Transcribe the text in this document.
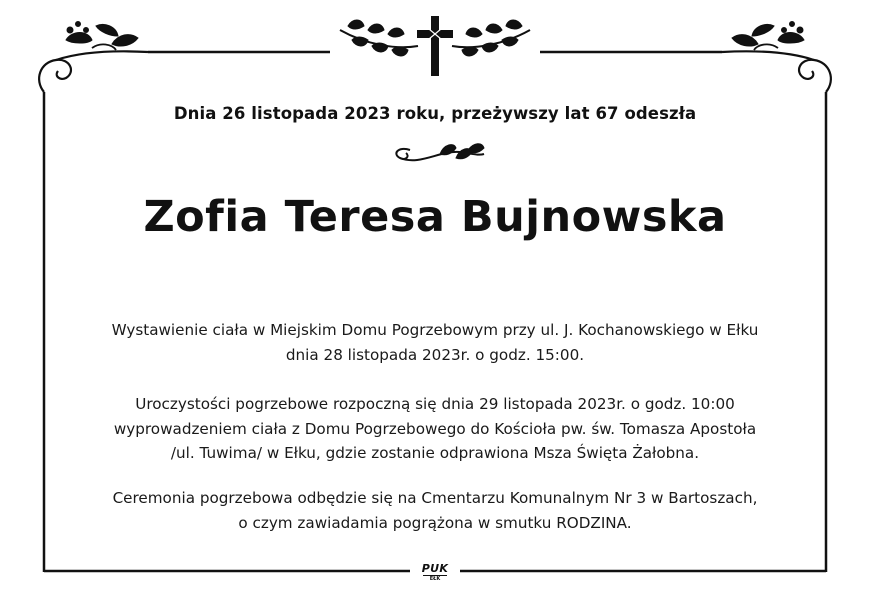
Dnia 26 listopada 2023 roku, przeżywszy lat 67 odeszła
Zofia Teresa Bujnowska
Wystawienie ciała w Miejskim Domu Pogrzebowym przy ul. J. Kochanowskiego w Ełku
dnia 28 listopada 2023r. o godz. 15:00.
Uroczystości pogrzebowe rozpoczną się dnia 29 listopada 2023r. o godz. 10:00
wyprowadzeniem ciała z Domu Pogrzebowego do Kościoła pw. św. Tomasza Apostoła
/ul. Tuwima/ w Ełku, gdzie zostanie odprawiona Msza Święta Żałobna.
Ceremonia pogrzebowa odbędzie się na Cmentarzu Komunalnym Nr 3 w Bartoszach,
o czym zawiadamia pogrążona w smutku RODZINA.
PUK
EŁK
